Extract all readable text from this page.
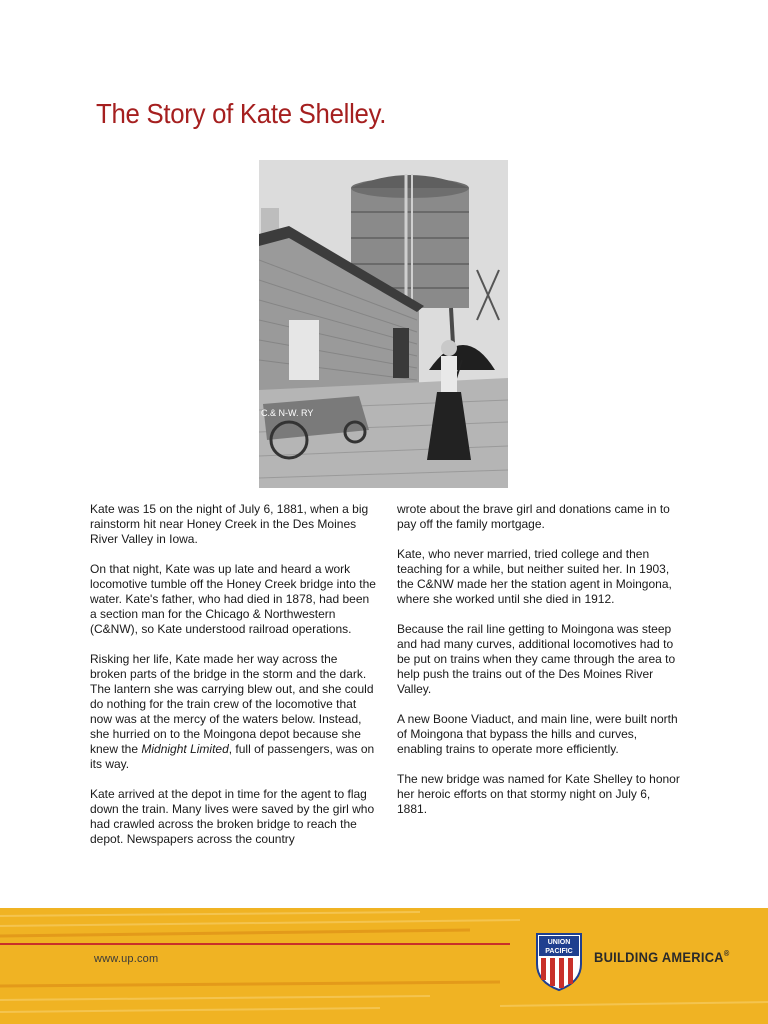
The Story of Kate Shelley.
C.& N-W. RY

Kate was 15 on the night of July 6, 1881, when a big rainstorm hit near Honey Creek in the Des Moines River Valley in Iowa.

On that night, Kate was up late and heard a work locomotive tumble off the Honey Creek bridge into the water. Kate's father, who had died in 1878, had been a section man for the Chicago & Northwestern (C&NW), so Kate understood railroad operations.

Risking her life, Kate made her way across the broken parts of the bridge in the storm and the dark. The lantern she was carrying blew out, and she could do nothing for the train crew of the locomotive that now was at the mercy of the waters below. Instead, she hurried on to the Moingona depot because she knew the Midnight Limited, full of passengers, was on its way.

Kate arrived at the depot in time for the agent to flag down the train. Many lives were saved by the girl who had crawled across the broken bridge to reach the depot. Newspapers across the country

wrote about the brave girl and donations came in to pay off the family mortgage.

Kate, who never married, tried college and then teaching for a while, but neither suited her. In 1903, the C&NW made her the station agent in Moingona, where she worked until she died in 1912.

Because the rail line getting to Moingona was steep and had many curves, additional locomotives had to be put on trains when they came through the area to help push the trains out of the Des Moines River Valley.

A new Boone Viaduct, and main line, were built north of Moingona that bypass the hills and curves, enabling trains to operate more efficiently.

The new bridge was named for Kate Shelley to honor her heroic efforts on that stormy night on July 6, 1881.

www.up.com
UNION
PACIFIC BUILDING AMERICA®
